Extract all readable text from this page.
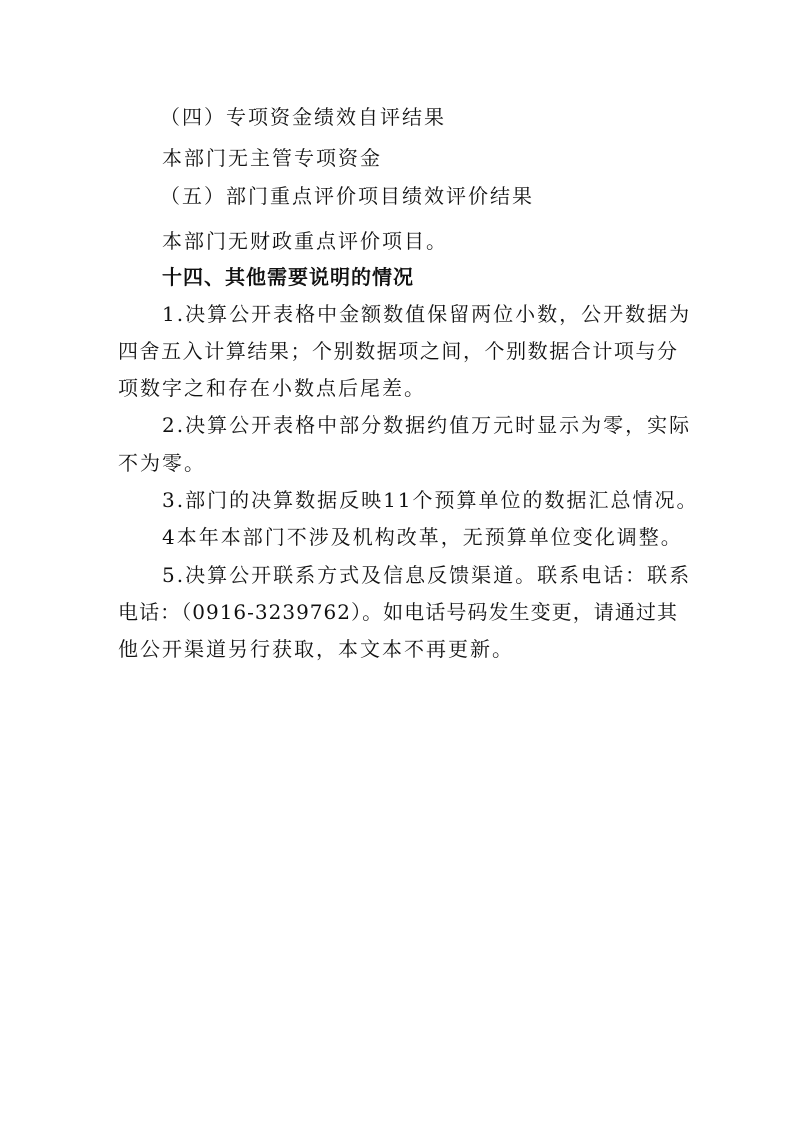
（四）专项资金绩效自评结果
本部门无主管专项资金
（五）部门重点评价项目绩效评价结果
本部门无财政重点评价项目。
十四、其他需要说明的情况
1.决算公开表格中金额数值保留两位小数，公开数据为
四舍五入计算结果；个别数据项之间，个别数据合计项与分
项数字之和存在小数点后尾差。
2.决算公开表格中部分数据约值万元时显示为零，实际
不为零。
3.部门的决算数据反映11个预算单位的数据汇总情况。
4本年本部门不涉及机构改革，无预算单位变化调整。
5.决算公开联系方式及信息反馈渠道。联系电话：联系
电话：（0916-3239762）。如电话号码发生变更，请通过其
他公开渠道另行获取，本文本不再更新。
